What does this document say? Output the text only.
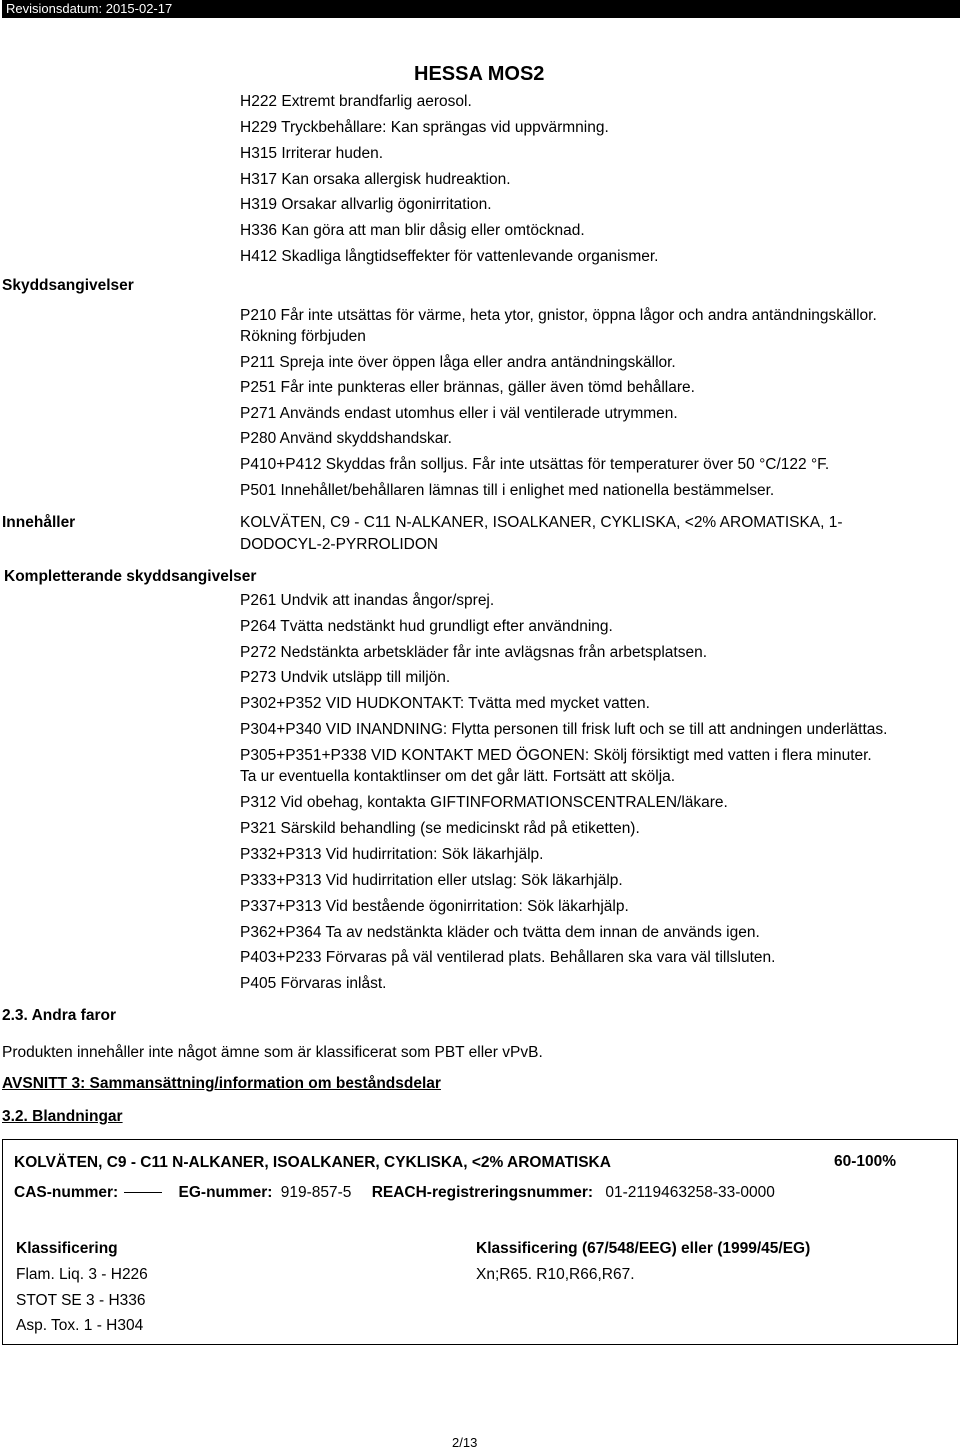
Revisionsdatum: 2015-02-17
HESSA MOS2
H222 Extremt brandfarlig aerosol.
H229 Tryckbehållare: Kan sprängas vid uppvärmning.
H315 Irriterar huden.
H317 Kan orsaka allergisk hudreaktion.
H319 Orsakar allvarlig ögonirritation.
H336 Kan göra att man blir dåsig eller omtöcknad.
H412 Skadliga långtidseffekter för vattenlevande organismer.
Skyddsangivelser
P210 Får inte utsättas för värme, heta ytor, gnistor, öppna lågor och andra antändningskällor.
Rökning förbjuden
P211 Spreja inte över öppen låga eller andra antändningskällor.
P251 Får inte punkteras eller brännas, gäller även tömd behållare.
P271 Används endast utomhus eller i väl ventilerade utrymmen.
P280 Använd skyddshandskar.
P410+P412 Skyddas från solljus. Får inte utsättas för temperaturer över 50 °C/122 °F.
P501 Innehållet/behållaren lämnas till i enlighet med nationella bestämmelser.
Innehåller	KOLVÄTEN, C9 - C11 N-ALKANER, ISOALKANER, CYKLISKA, <2% AROMATISKA, 1-
DODOCYL-2-PYRROLIDON
Kompletterande skyddsangivelser
P261 Undvik att inandas ångor/sprej.
P264 Tvätta nedstänkt hud grundligt efter användning.
P272 Nedstänkta arbetskläder får inte avlägsnas från arbetsplatsen.
P273 Undvik utsläpp till miljön.
P302+P352 VID HUDKONTAKT: Tvätta med mycket vatten.
P304+P340 VID INANDNING: Flytta personen till frisk luft och se till att andningen underlättas.
P305+P351+P338 VID KONTAKT MED ÖGONEN: Skölj försiktigt med vatten i flera minuter.
Ta ur eventuella kontaktlinser om det går lätt. Fortsätt att skölja.
P312 Vid obehag, kontakta GIFTINFORMATIONSCENTRALEN/läkare.
P321 Särskild behandling (se medicinskt råd på etiketten).
P332+P313 Vid hudirritation: Sök läkarhjälp.
P333+P313 Vid hudirritation eller utslag: Sök läkarhjälp.
P337+P313 Vid bestående ögonirritation: Sök läkarhjälp.
P362+P364 Ta av nedstänkta kläder och tvätta dem innan de används igen.
P403+P233 Förvaras på väl ventilerad plats. Behållaren ska vara väl tillsluten.
P405 Förvaras inlåst.
2.3. Andra faror
Produkten innehåller inte något ämne som är klassificerat som PBT eller vPvB.
AVSNITT 3: Sammansättning/information om beståndsdelar
3.2. Blandningar
KOLVÄTEN, C9 - C11 N-ALKANER, ISOALKANER, CYKLISKA, <2% AROMATISKA	60-100%
CAS-nummer:	EG-nummer: 919-857-5 REACH-registreringsnummer: 01-2119463258-33-0000
Klassificering
Flam. Liq. 3 - H226
STOT SE 3 - H336
Asp. Tox. 1 - H304
Klassificering (67/548/EEG) eller (1999/45/EG)
Xn;R65. R10,R66,R67.
2/13
